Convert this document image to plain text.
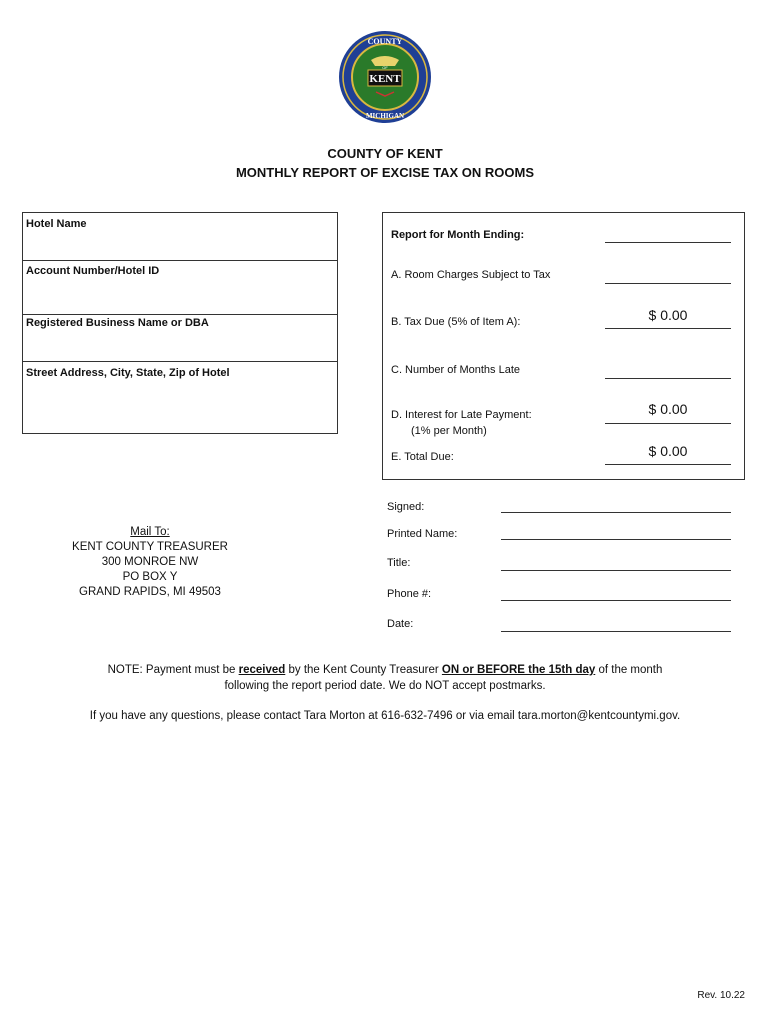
COUNTY
OF
KENT
MICHIGAN
COUNTY OF KENT
MONTHLY REPORT OF EXCISE TAX ON ROOMS
Hotel Name
Account Number/Hotel ID
Registered Business Name or DBA
Street Address, City, State, Zip of Hotel
Report for Month Ending:
A. Room Charges Subject to Tax
B. Tax Due (5% of Item A):	$ 0.00
C. Number of Months Late
D. Interest for Late Payment:
(1% per Month)
$ 0.00
E. Total Due:	$ 0.00
Signed:
Printed Name:
Title:
Phone #:
Date:
Mail To:
KENT COUNTY TREASURER
300 MONROE NW
PO BOX Y
GRAND RAPIDS, MI 49503
NOTE: Payment must be received by the Kent County Treasurer ON or BEFORE the 15th day of the month
following the report period date. We do NOT accept postmarks.
If you have any questions, please contact Tara Morton at 616-632-7496 or via email tara.morton@kentcountymi.gov.
Rev. 10.22
